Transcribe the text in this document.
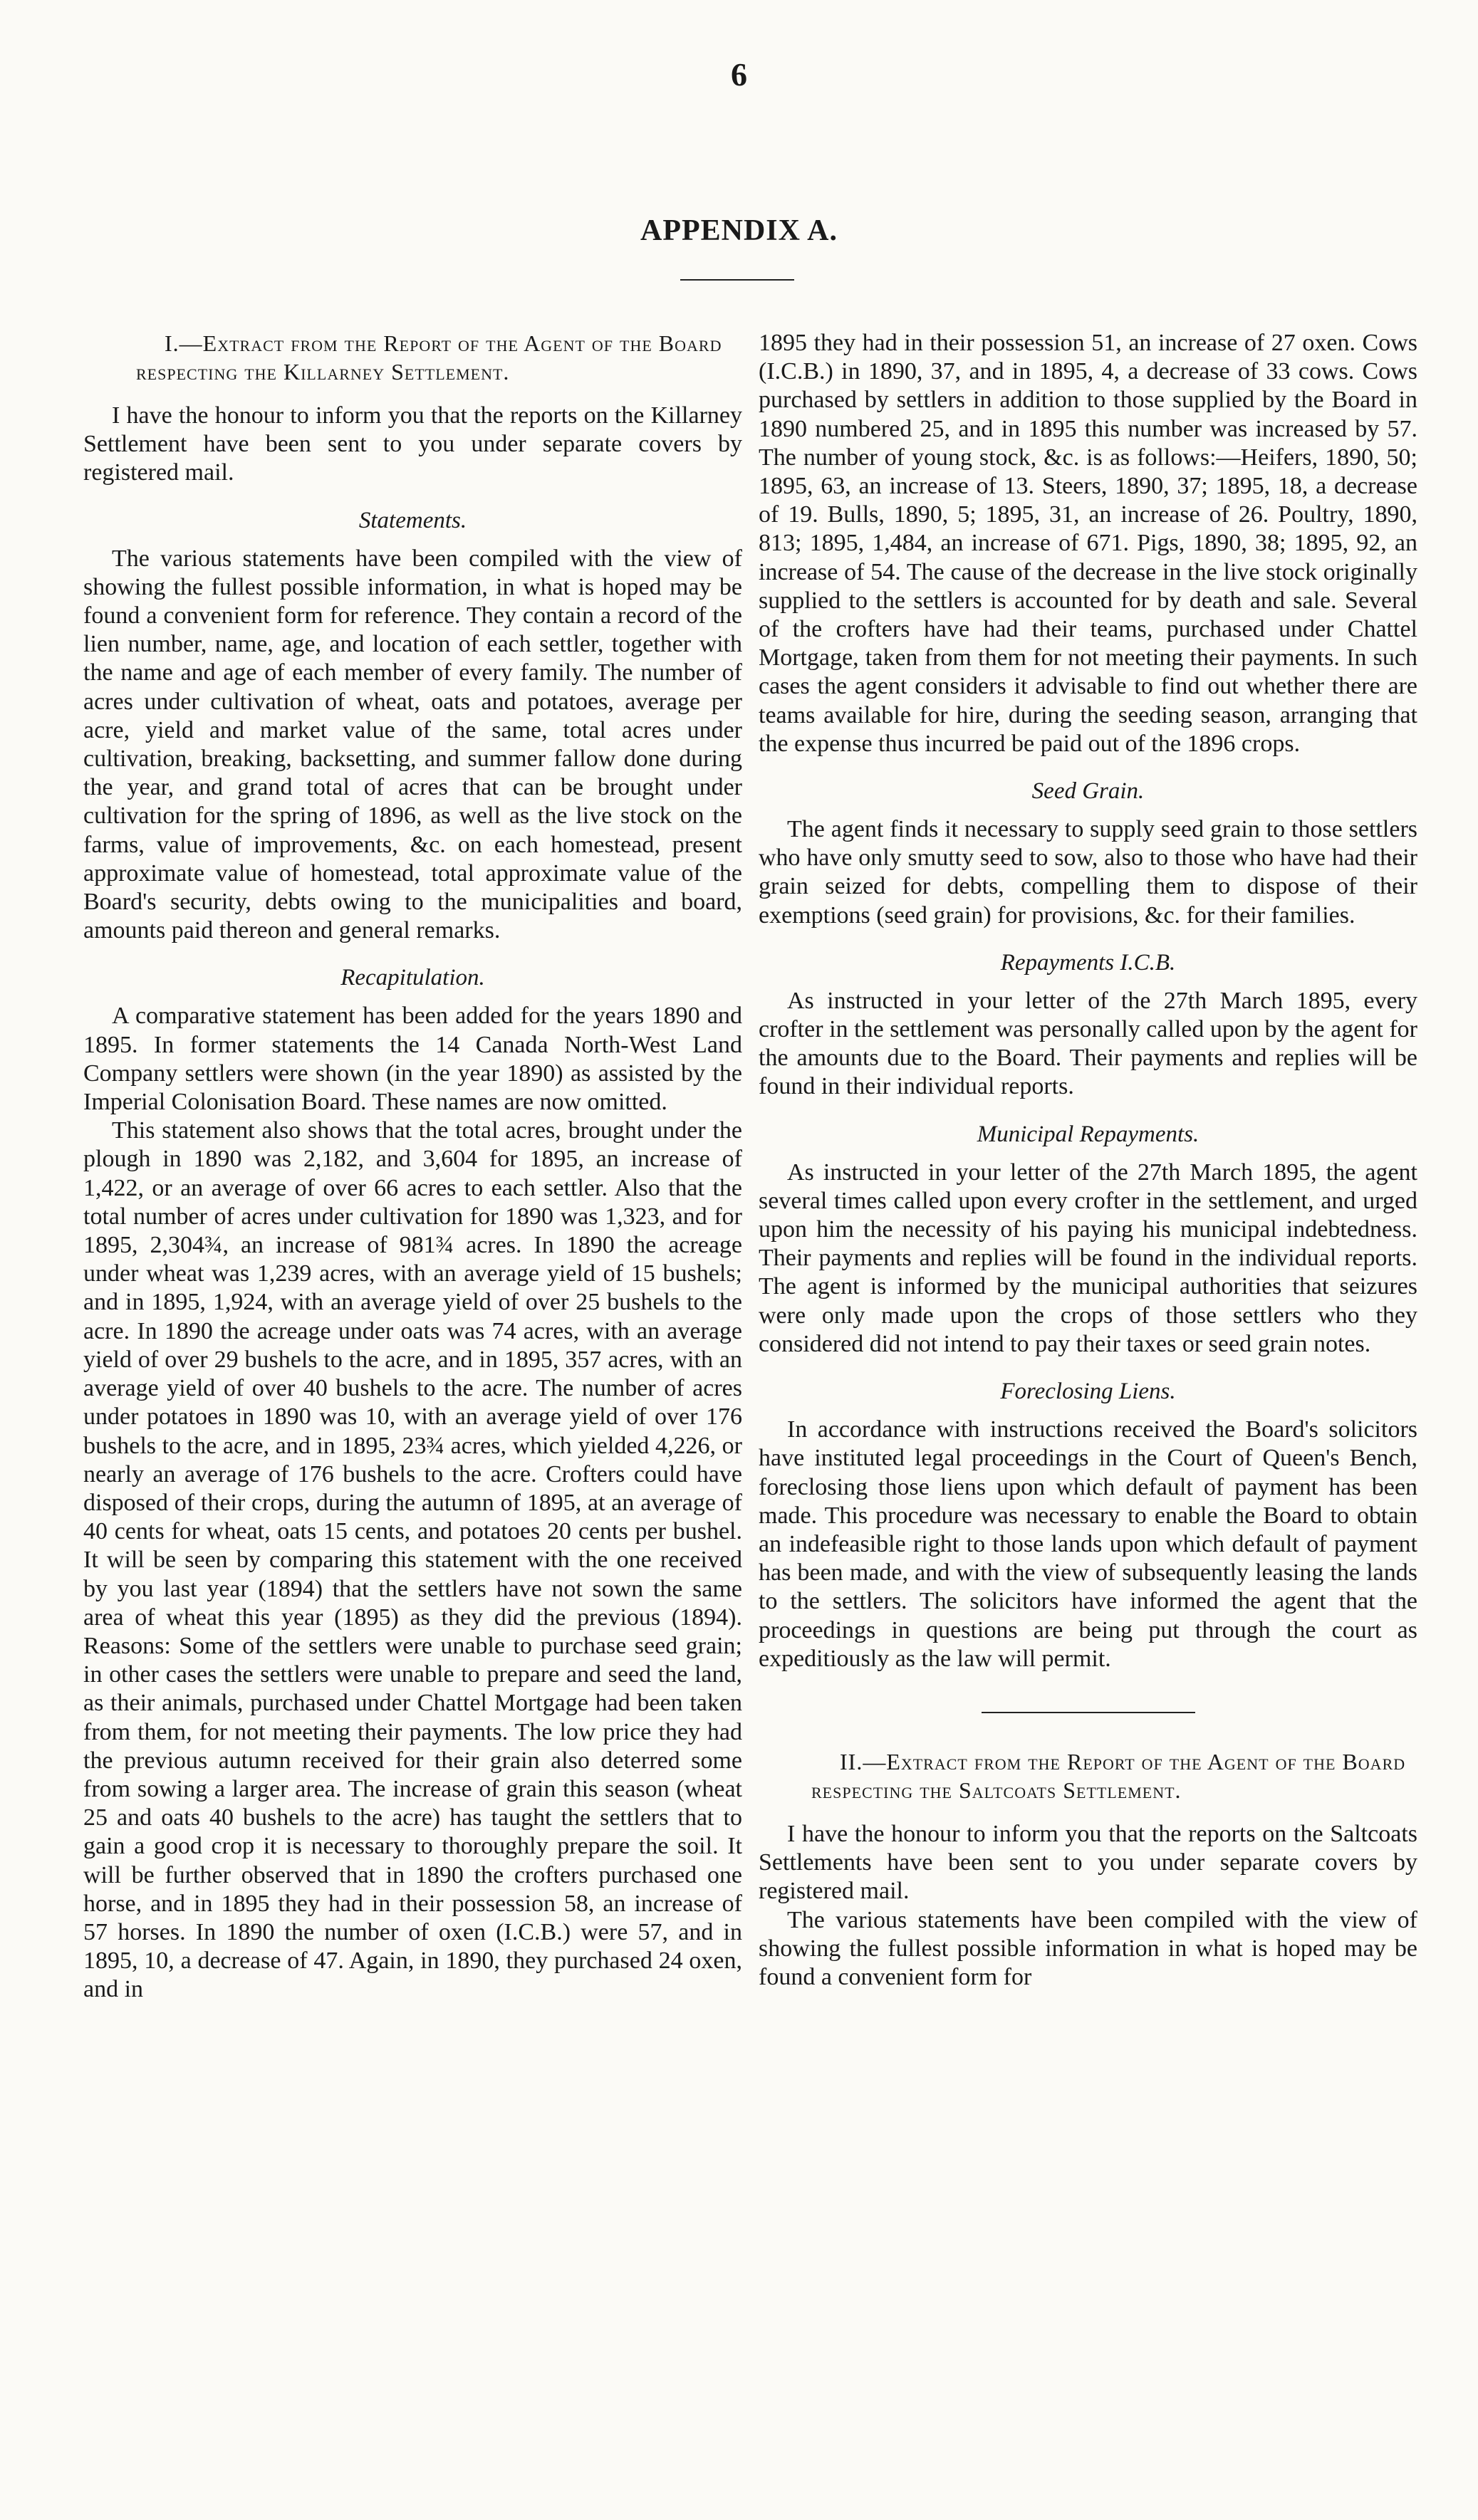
6
APPENDIX A.

I.—Extract from the Report of the Agent of the Board respecting the Killarney Settlement.

I have the honour to inform you that the reports on the Killarney Settlement have been sent to you under separate covers by registered mail.

Statements.

The various statements have been compiled with the view of showing the fullest possible information, in what is hoped may be found a convenient form for reference. They contain a record of the lien number, name, age, and location of each settler, together with the name and age of each member of every family. The number of acres under cultivation of wheat, oats and potatoes, average per acre, yield and market value of the same, total acres under cultivation, breaking, backsetting, and summer fallow done during the year, and grand total of acres that can be brought under cultivation for the spring of 1896, as well as the live stock on the farms, value of improvements, &c. on each homestead, present approximate value of homestead, total approximate value of the Board's security, debts owing to the municipalities and board, amounts paid thereon and general remarks.

Recapitulation.

A comparative statement has been added for the years 1890 and 1895. In former statements the 14 Canada North-West Land Company settlers were shown (in the year 1890) as assisted by the Imperial Colonisation Board. These names are now omitted.

This statement also shows that the total acres, brought under the plough in 1890 was 2,182, and 3,604 for 1895, an increase of 1,422, or an average of over 66 acres to each settler. Also that the total number of acres under cultivation for 1890 was 1,323, and for 1895, 2,304¾, an increase of 981¾ acres. In 1890 the acreage under wheat was 1,239 acres, with an average yield of 15 bushels; and in 1895, 1,924, with an average yield of over 25 bushels to the acre. In 1890 the acreage under oats was 74 acres, with an average yield of over 29 bushels to the acre, and in 1895, 357 acres, with an average yield of over 40 bushels to the acre. The number of acres under potatoes in 1890 was 10, with an average yield of over 176 bushels to the acre, and in 1895, 23¾ acres, which yielded 4,226, or nearly an average of 176 bushels to the acre. Crofters could have disposed of their crops, during the autumn of 1895, at an average of 40 cents for wheat, oats 15 cents, and potatoes 20 cents per bushel. It will be seen by comparing this statement with the one received by you last year (1894) that the settlers have not sown the same area of wheat this year (1895) as they did the previous (1894). Reasons: Some of the settlers were unable to purchase seed grain; in other cases the settlers were unable to prepare and seed the land, as their animals, purchased under Chattel Mortgage had been taken from them, for not meeting their payments. The low price they had the previous autumn received for their grain also deterred some from sowing a larger area. The increase of grain this season (wheat 25 and oats 40 bushels to the acre) has taught the settlers that to gain a good crop it is necessary to thoroughly prepare the soil. It will be further observed that in 1890 the crofters purchased one horse, and in 1895 they had in their possession 58, an increase of 57 horses. In 1890 the number of oxen (I.C.B.) were 57, and in 1895, 10, a decrease of 47. Again, in 1890, they purchased 24 oxen, and in

1895 they had in their possession 51, an increase of 27 oxen. Cows (I.C.B.) in 1890, 37, and in 1895, 4, a decrease of 33 cows. Cows purchased by settlers in addition to those supplied by the Board in 1890 numbered 25, and in 1895 this number was increased by 57. The number of young stock, &c. is as follows:—Heifers, 1890, 50; 1895, 63, an increase of 13. Steers, 1890, 37; 1895, 18, a decrease of 19. Bulls, 1890, 5; 1895, 31, an increase of 26. Poultry, 1890, 813; 1895, 1,484, an increase of 671. Pigs, 1890, 38; 1895, 92, an increase of 54. The cause of the decrease in the live stock originally supplied to the settlers is accounted for by death and sale. Several of the crofters have had their teams, purchased under Chattel Mortgage, taken from them for not meeting their payments. In such cases the agent considers it advisable to find out whether there are teams available for hire, during the seeding season, arranging that the expense thus incurred be paid out of the 1896 crops.

Seed Grain.

The agent finds it necessary to supply seed grain to those settlers who have only smutty seed to sow, also to those who have had their grain seized for debts, compelling them to dispose of their exemptions (seed grain) for provisions, &c. for their families.

Repayments I.C.B.

As instructed in your letter of the 27th March 1895, every crofter in the settlement was personally called upon by the agent for the amounts due to the Board. Their payments and replies will be found in their individual reports.

Municipal Repayments.

As instructed in your letter of the 27th March 1895, the agent several times called upon every crofter in the settlement, and urged upon him the necessity of his paying his municipal indebtedness. Their payments and replies will be found in the individual reports. The agent is informed by the municipal authorities that seizures were only made upon the crops of those settlers who they considered did not intend to pay their taxes or seed grain notes.

Foreclosing Liens.

In accordance with instructions received the Board's solicitors have instituted legal proceedings in the Court of Queen's Bench, foreclosing those liens upon which default of payment has been made. This procedure was necessary to enable the Board to obtain an indefeasible right to those lands upon which default of payment has been made, and with the view of subsequently leasing the lands to the settlers. The solicitors have informed the agent that the proceedings in questions are being put through the court as expeditiously as the law will permit.

II.—Extract from the Report of the Agent of the Board respecting the Saltcoats Settlement.

I have the honour to inform you that the reports on the Saltcoats Settlements have been sent to you under separate covers by registered mail.

The various statements have been compiled with the view of showing the fullest possible information in what is hoped may be found a convenient form for
